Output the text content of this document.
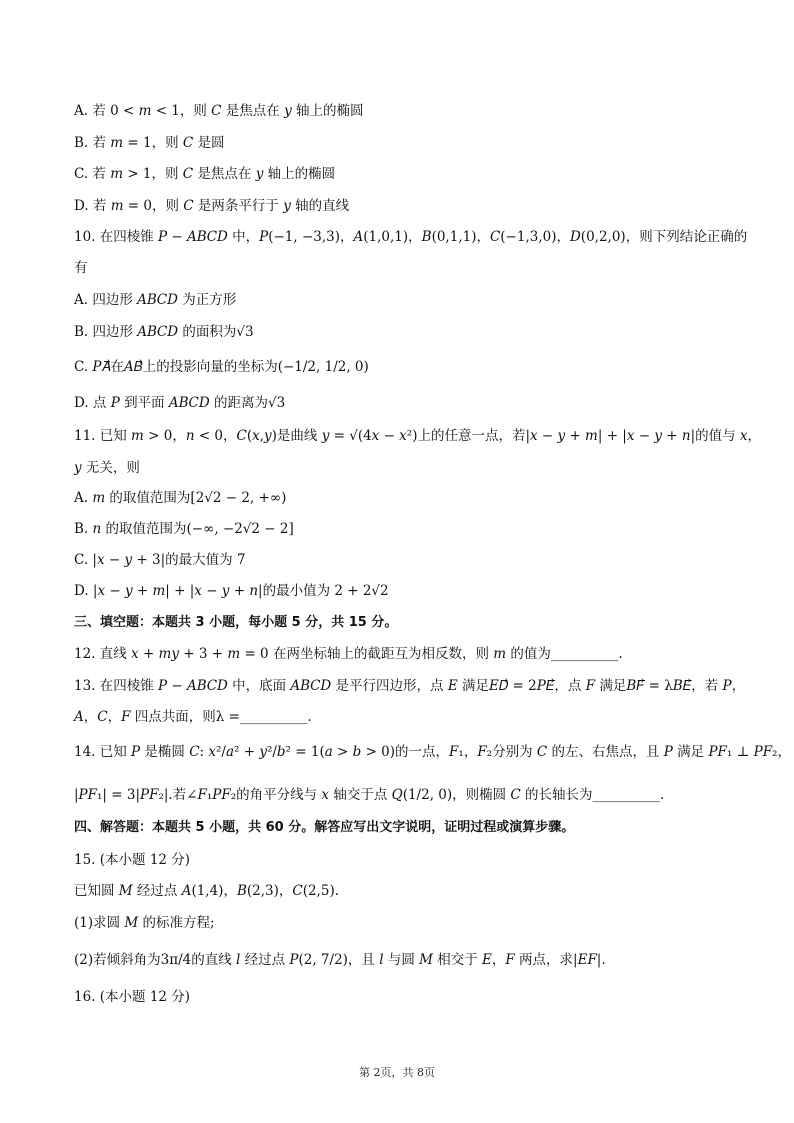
A. 若 0 < 𝑚 < 1，则 𝐶 是焦点在 𝑦 轴上的椭圆
B. 若 𝑚 = 1，则 𝐶 是圆
C. 若 𝑚 > 1，则 𝐶 是焦点在 𝑦 轴上的椭圆
D. 若 𝑚 = 0，则 𝐶 是两条平行于 𝑦 轴的直线
10. 在四棱锥 𝑃 − 𝐴𝐵𝐶𝐷 中，𝑃(−1, −3,3)，𝐴(1,0,1)，𝐵(0,1,1)，𝐶(−1,3,0)，𝐷(0,2,0)，则下列结论正确的
有
A. 四边形 𝐴𝐵𝐶𝐷 为正方形
B. 四边形 𝐴𝐵𝐶𝐷 的面积为√3
C. 𝑃𝐴⃗在𝐴𝐵⃗上的投影向量的坐标为(−1/2, 1/2, 0)
D. 点 𝑃 到平面 𝐴𝐵𝐶𝐷 的距离为√3
11. 已知 𝑚 > 0，𝑛 < 0，𝐶(𝑥,𝑦)是曲线 𝑦 = √(4𝑥 − 𝑥²)上的任意一点，若|𝑥 − 𝑦 + 𝑚| + |𝑥 − 𝑦 + 𝑛|的值与 𝑥，
𝑦 无关，则
A. 𝑚 的取值范围为[2√2 − 2, +∞)
B. 𝑛 的取值范围为(−∞, −2√2 − 2]
C. |𝑥 − 𝑦 + 3|的最大值为 7
D. |𝑥 − 𝑦 + 𝑚| + |𝑥 − 𝑦 + 𝑛|的最小值为 2 + 2√2
三、填空题：本题共 3 小题，每小题 5 分，共 15 分。
12. 直线 𝑥 + 𝑚𝑦 + 3 + 𝑚 = 0 在两坐标轴上的截距互为相反数，则 𝑚 的值为__________.
13. 在四棱锥 𝑃 − 𝐴𝐵𝐶𝐷 中，底面 𝐴𝐵𝐶𝐷 是平行四边形，点 𝐸 满足𝐸𝐷⃗ = 2𝑃𝐸⃗，点 𝐹 满足𝐵𝐹⃗ = λ𝐵𝐸⃗，若 𝑃，
𝐴，𝐶，𝐹 四点共面，则λ =__________.
14. 已知 𝑃 是椭圆 𝐶: 𝑥²/𝑎² + 𝑦²/𝑏² = 1(𝑎 > 𝑏 > 0)的一点，𝐹₁，𝐹₂分别为 𝐶 的左、右焦点，且 𝑃 满足 𝑃𝐹₁ ⊥ 𝑃𝐹₂，
|𝑃𝐹₁| = 3|𝑃𝐹₂|.若∠𝐹₁𝑃𝐹₂的角平分线与 𝑥 轴交于点 𝑄(1/2, 0)，则椭圆 𝐶 的长轴长为__________.
四、解答题：本题共 5 小题，共 60 分。解答应写出文字说明，证明过程或演算步骤。
15. (本小题 12 分)
已知圆 𝑀 经过点 𝐴(1,4)，𝐵(2,3)，𝐶(2,5).
(1)求圆 𝑀 的标准方程;
(2)若倾斜角为3π/4的直线 𝑙 经过点 𝑃(2, 7/2)，且 𝑙 与圆 𝑀 相交于 𝐸，𝐹 两点，求|𝐸𝐹|.
16. (本小题 12 分)
第 2页，共 8页
